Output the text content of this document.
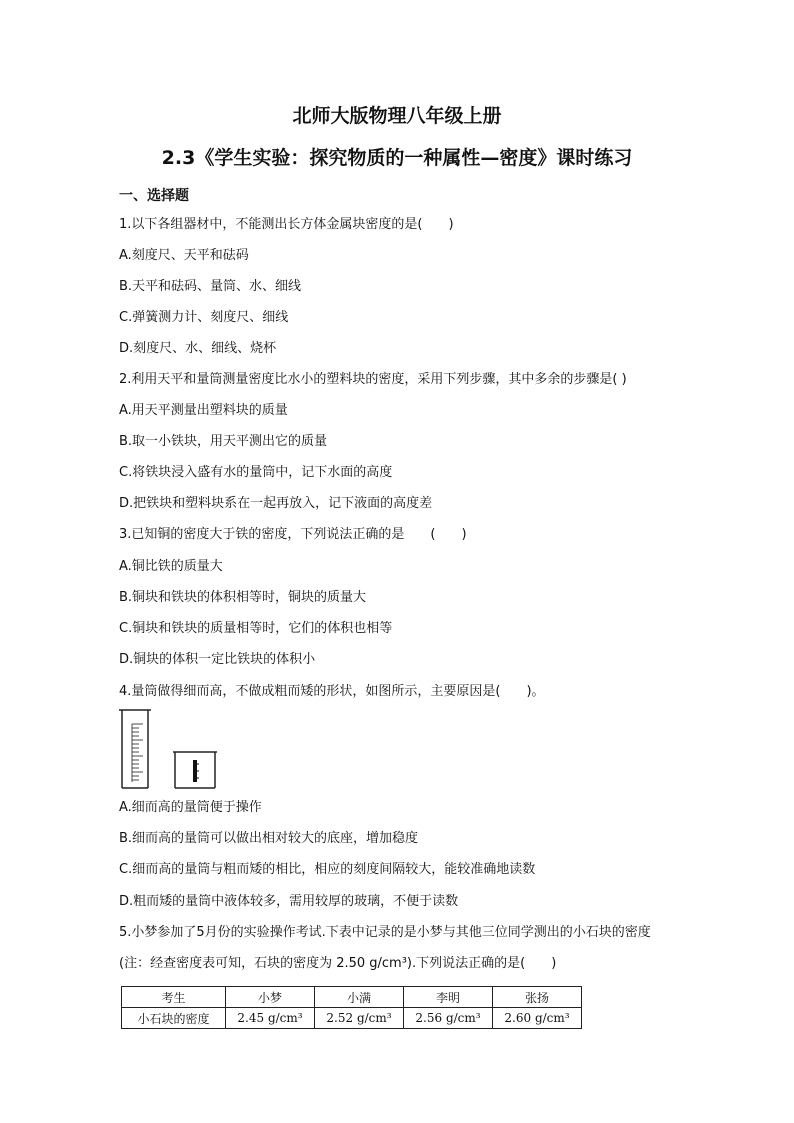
北师大版物理八年级上册
2.3《学生实验：探究物质的一种属性—密度》课时练习
一、选择题
1.以下各组器材中，不能测出长方体金属块密度的是(　　)
A.刻度尺、天平和砝码
B.天平和砝码、量筒、水、细线
C.弹簧测力计、刻度尺、细线
D.刻度尺、水、细线、烧杯
2.利用天平和量筒测量密度比水小的塑料块的密度，采用下列步骤，其中多余的步骤是( )
A.用天平测量出塑料块的质量
B.取一小铁块，用天平测出它的质量
C.将铁块浸入盛有水的量筒中，记下水面的高度
D.把铁块和塑料块系在一起再放入，记下液面的高度差
3.已知铜的密度大于铁的密度，下列说法正确的是　　(　　)
A.铜比铁的质量大
B.铜块和铁块的体积相等时，铜块的质量大
C.铜块和铁块的质量相等时，它们的体积也相等
D.铜块的体积一定比铁块的体积小
4.量筒做得细而高，不做成粗而矮的形状，如图所示，主要原因是(　　)。
A.细而高的量筒便于操作
B.细而高的量筒可以做出相对较大的底座，增加稳度
C.细而高的量筒与粗而矮的相比，相应的刻度间隔较大，能较准确地读数
D.粗而矮的量筒中液体较多，需用较厚的玻璃，不便于读数
5.小梦参加了5月份的实验操作考试.下表中记录的是小梦与其他三位同学测出的小石块的密度
(注：经查密度表可知，石块的密度为 2.50 g/cm³).下列说法正确的是(　　)
考生	小梦	小满	李明	张扬
小石块的密度	2.45 g/cm³	2.52 g/cm³	2.56 g/cm³	2.60 g/cm³
